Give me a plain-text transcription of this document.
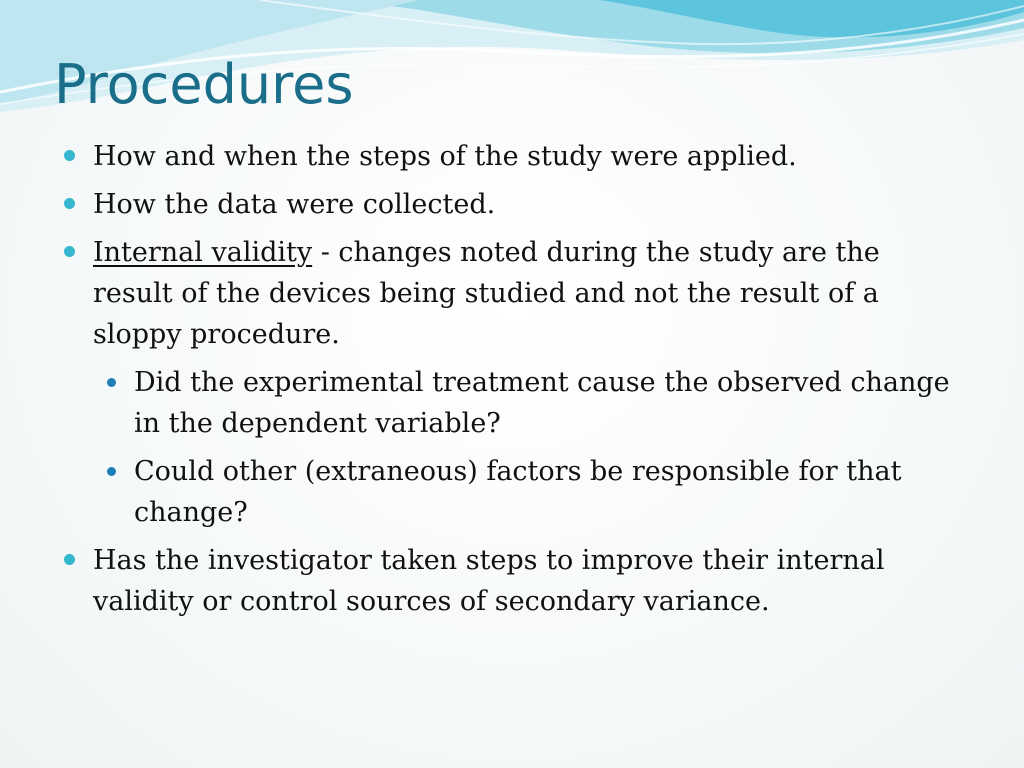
Procedures
How and when the steps of the study were applied.
How the data were collected.
Internal validity - changes noted during the study are the result of the devices being studied and not the result of a sloppy procedure.
Did the experimental treatment cause the observed change in the dependent variable?
Could other (extraneous) factors be responsible for that change?
Has the investigator taken steps to improve their internal validity or control sources of secondary variance.
